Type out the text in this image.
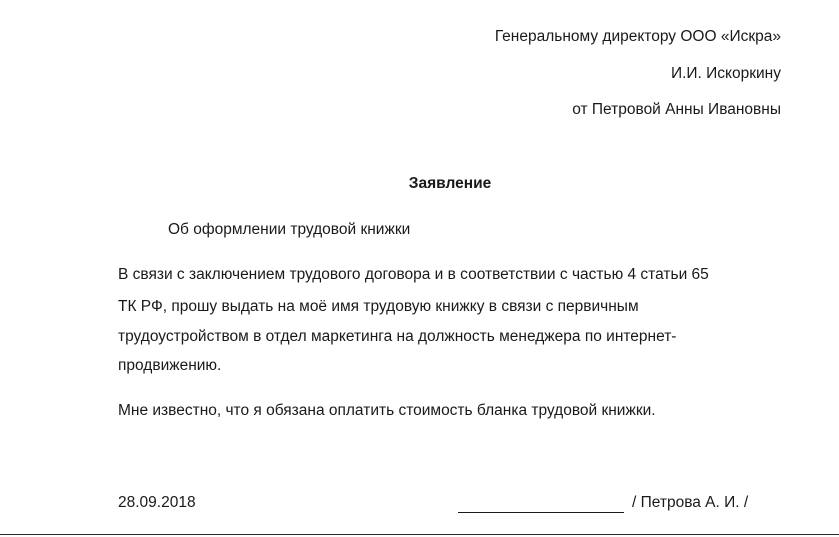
Генеральному директору ООО «Искра»
И.И. Искоркину
от Петровой Анны Ивановны
Заявление
Об оформлении трудовой книжки
В связи с заключением трудового договора и в соответствии с частью 4 статьи 65
ТК РФ, прошу выдать на моё имя трудовую книжку в связи с первичным
трудоустройством в отдел маркетинга на должность менеджера по интернет-
продвижению.
Мне известно, что я обязана оплатить стоимость бланка трудовой книжки.
28.09.2018	/ Петрова А. И. /
